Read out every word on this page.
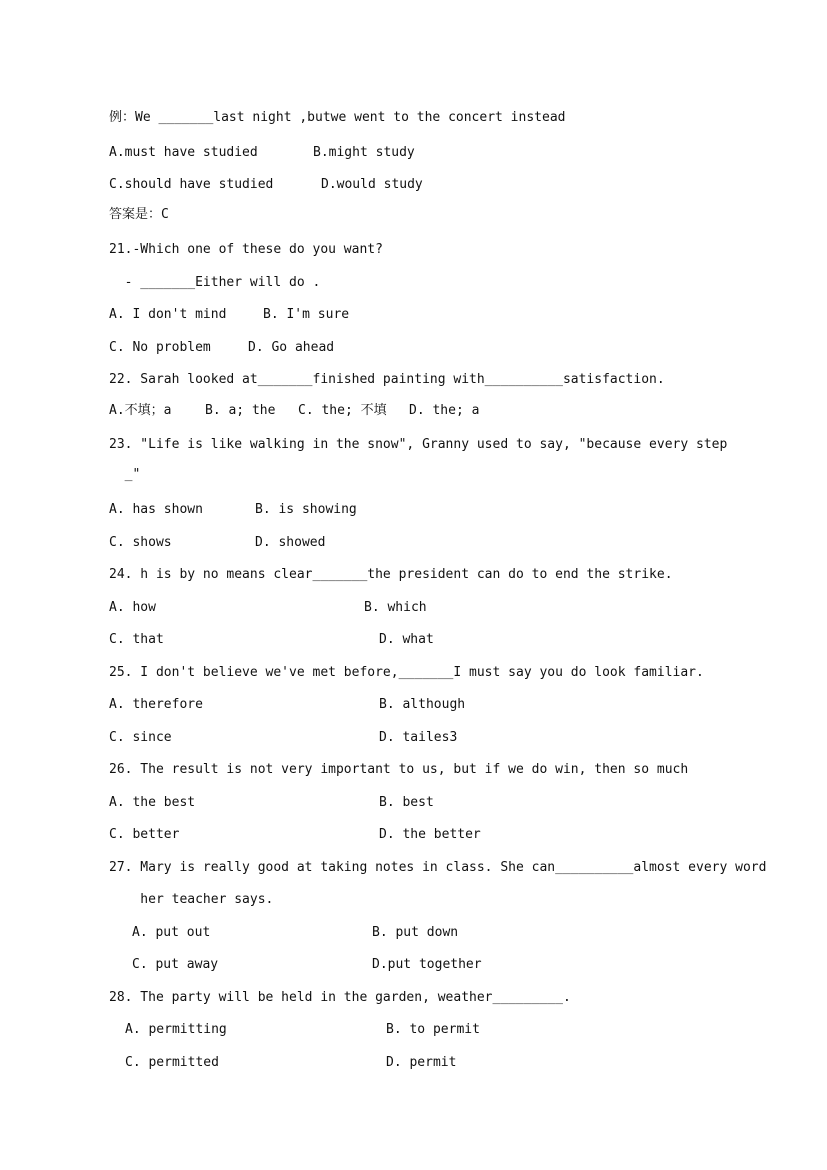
例：We _______last night ,butwe went to the concert instead
A.must have studied	B.might study
C.should have studied	D.would study
答案是：C
21.-Which one of these do you want?
- _______Either will do .
A. I don't mind	B. I'm sure
C. No problem	D. Go ahead
22. Sarah looked at_______finished painting with__________satisfaction.
A.不填；a	B. a; the C. the; 不填 D. the; a
23. "Life is like walking in the snow", Granny used to say, "because every step
_"
A. has shown	B. is showing
C. shows	D. showed
24. h is by no means clear_______the president can do to end the strike.
A. how	B. which
C. that	D. what
25. I don't believe we've met before,_______I must say you do look familiar.
A. therefore	B. although
C. since	D. tailes3
26. The result is not very important to us, but if we do win, then so much
A. the best	B. best
C. better	D. the better
27. Mary is really good at taking notes in class. She can__________almost every word
her teacher says.
A. put out	B. put down
C. put away	D.put together
28. The party will be held in the garden, weather_________.
A. permitting	B. to permit
C. permitted	D. permit
